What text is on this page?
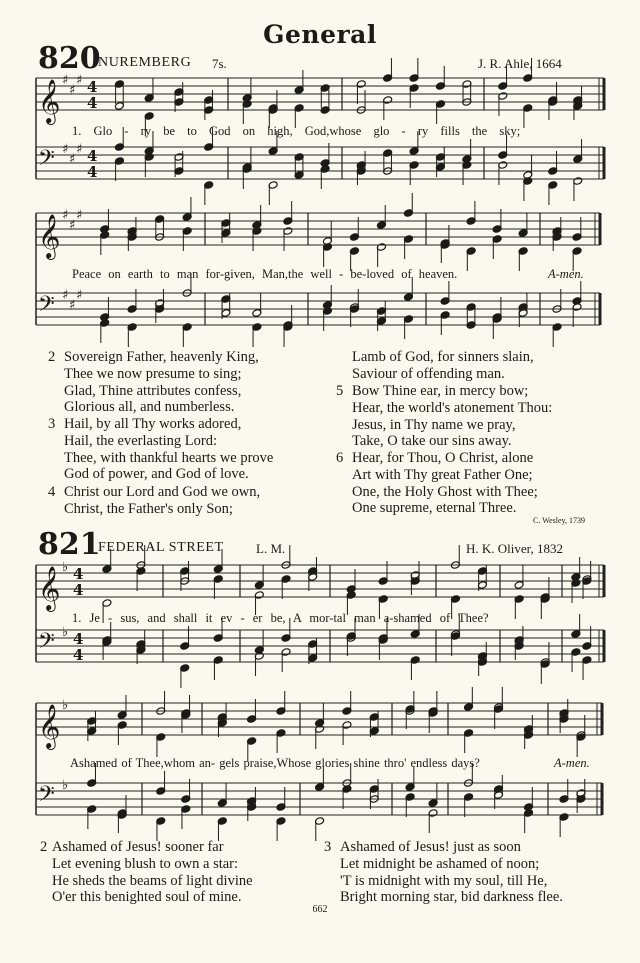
General
820
NUREMBERG 7s.	J. R. Ahle, 1664
𝄞 ♯
♯
♯ 4
4
𝄢 ♯
♯
♯ 4
4
𝄞 ♯
♯
♯
𝄢 ♯
♯
♯
𝄞 ♭ 4
4
𝄢 ♭ 4
4
𝄞 ♭
𝄢 ♭
1. Glo - ry be to God on high, God,whose glo - ry fills the sky;
Peace on earth to man for-given, Man,the well - be-loved of heaven.	A-men.
2 Sovereign Father, heavenly King,
Thee we now presume to sing;
Glad, Thine attributes confess,
Glorious all, and numberless.
3 Hail, by all Thy works adored,
Hail, the everlasting Lord:
Thee, with thankful hearts we prove
God of power, and God of love.
4 Christ our Lord and God we own,
Christ, the Father's only Son;
Lamb of God, for sinners slain,
Saviour of offending man.
5 Bow Thine ear, in mercy bow;
Hear, the world's atonement Thou:
Jesus, in Thy name we pray,
Take, O take our sins away.
6 Hear, for Thou, O Christ, alone
Art with Thy great Father One;
One, the Holy Ghost with Thee;
One supreme, eternal Three.
C. Wesley, 1739
821
FEDERAL STREET L. M.	H. K. Oliver, 1832
1. Je - sus, and shall it ev - er be, A mor-tal man a-shamed of Thee?
Ashamed of Thee,whom an- gels praise,Whose glories shine thro' endless days?	A-men.
2 Ashamed of Jesus! sooner far
Let evening blush to own a star:
He sheds the beams of light divine
O'er this benighted soul of mine.
3 Ashamed of Jesus! just as soon
Let midnight be ashamed of noon;
'T is midnight with my soul, till He,
Bright morning star, bid darkness flee.
662
